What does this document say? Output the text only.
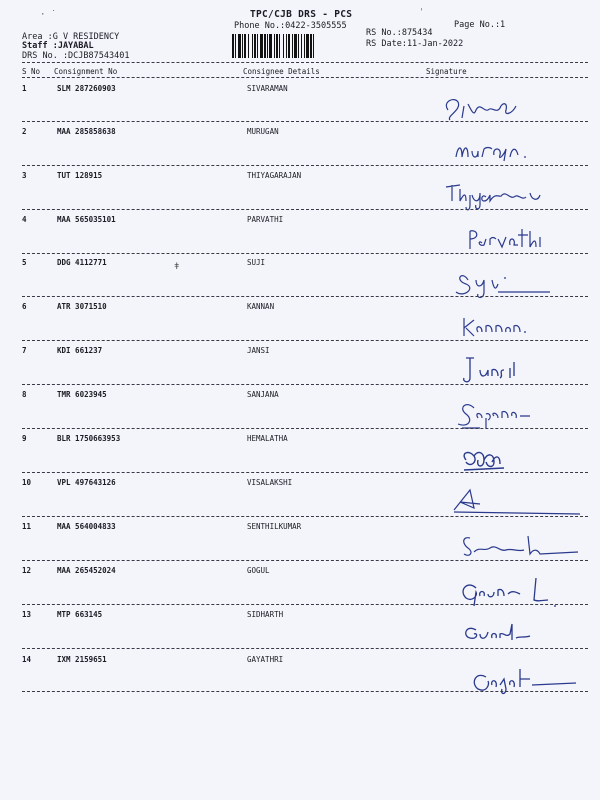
· ̇
ˌ
ǂ
TPC/CJB DRS - PCS
Phone No.:0422-3505555	Page No.:1
Area :G V RESIDENCY
Staff :JAYABAL
DRS No. :DCJB87543401
RS No.:875434
RS Date:11-Jan-2022
S No Consignment No	Consignee Details	Signature
1	SLM 287260903	SIVARAMAN
2	MAA 285858638	MURUGAN
3	TUT 128915	THIYAGARAJAN
4	MAA 565035101	PARVATHI
5	DDG 4112771	SUJI
6	ATR 3071510	KANNAN
7	KDI 661237	JANSI
8	TMR 6023945	SANJANA
9	BLR 1750663953	HEMALATHA
10	VPL 497643126	VISALAKSHI
11	MAA 564004833	SENTHILKUMAR
12	MAA 265452024	GOGUL
13	MTP 663145	SIDHARTH
14	IXM 2159651	GAYATHRI
